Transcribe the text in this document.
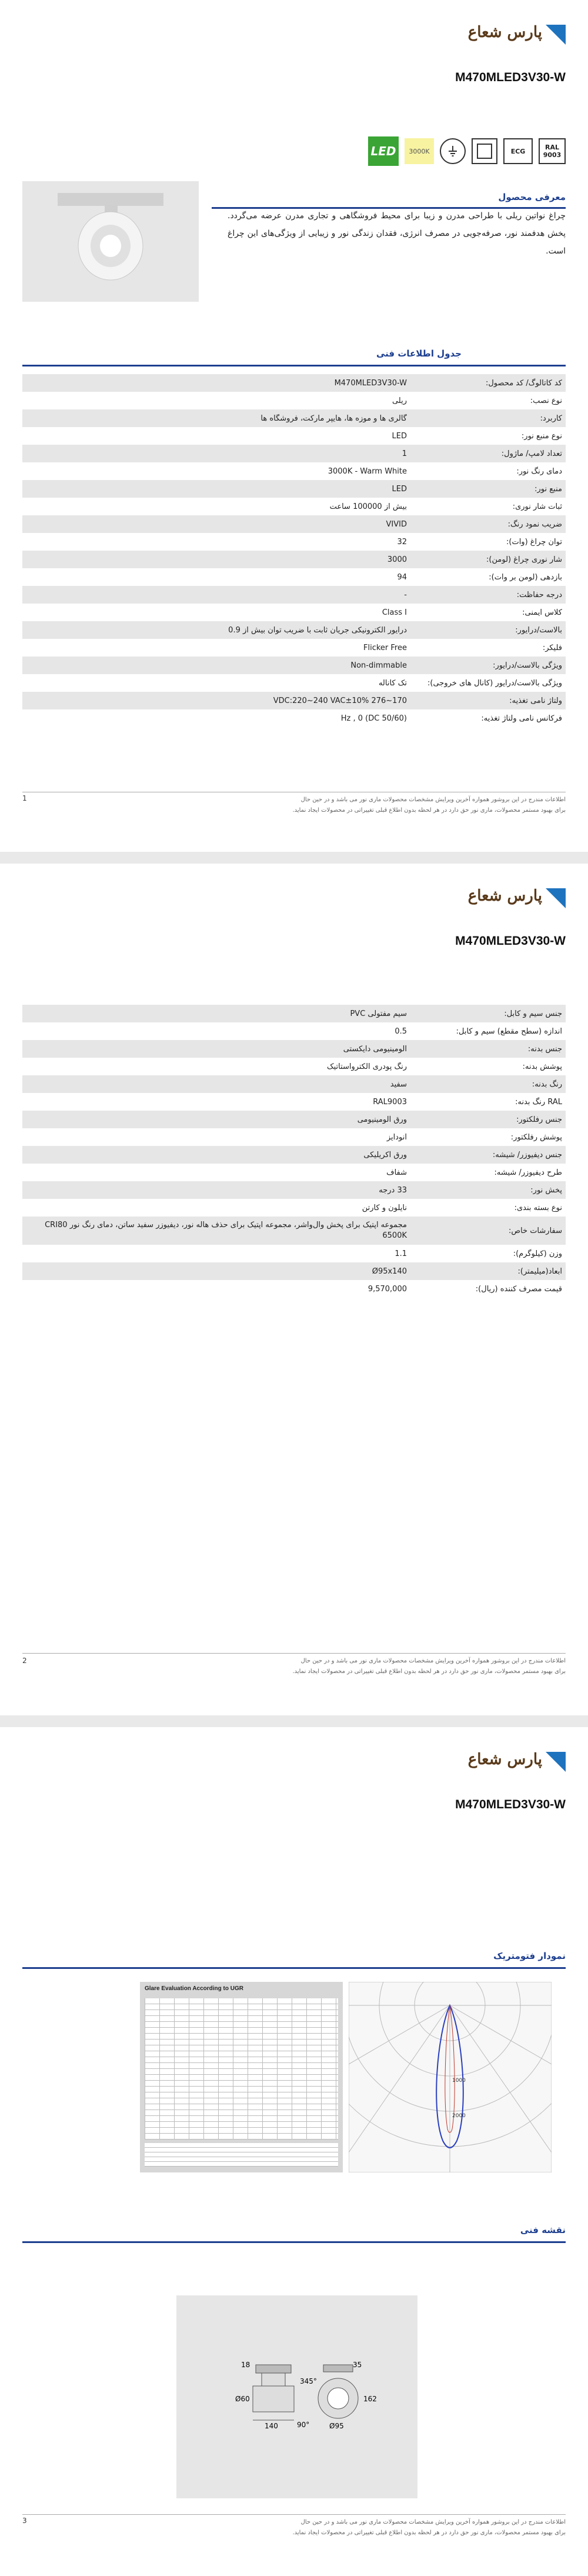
پارس شعاع
M470MLED3V30-W
LED	3000K	ECG	RAL
9003
معرفی محصول
چراغ نواتین ریلی با طراحی مدرن و زیبا برای محیط فروشگاهی و تجاری مدرن عرضه می‌گردد. پخش هدفمند نور، صرفه‌جویی در مصرف انرژی، فقدان زندگی نور و زیبایی از ویژگی‌های این چراغ است.
جدول اطلاعات فنی
کد کاتالوگ/ کد محصول:
M470MLED3V30-W
نوع نصب:
ریلی
کاربرد:
گالری ها و موزه ها، هایپر مارکت، فروشگاه ها
نوع منبع نور:
LED
تعداد لامپ/ ماژول:
1
دمای رنگ نور:
3000K - Warm White
منبع نور:
LED
ثبات شار نوری:
بیش از 100000 ساعت
ضریب نمود رنگ:
VIVID
توان چراغ (وات):
32
شار نوری چراغ (لومن):
3000
بازدهی (لومن بر وات):
94
درجه حفاظت:
-
کلاس ایمنی:
Class I
بالاست/درایور:
درایور الکترونیکی جریان ثابت با ضریب توان بیش از 0.9
فلیکر:
Flicker Free
ویژگی بالاست/درایور:
Non-dimmable
ویژگی بالاست/درایور (کانال های خروجی):
تک کاناله
ولتاژ نامی تغذیه:
VDC:220~240 VAC±10% 276~170
فرکانس نامی ولتاژ تغذیه:
Hz , 0 (DC 50/60)
اطلاعات مندرج در این بروشور همواره آخرین ویرایش مشخصات محصولات ماری نور می باشد و در حین حال
برای بهبود مستمر محصولات، ماری نور حق دارد در هر لحظه بدون اطلاع قبلی تغییراتی در محصولات ایجاد نماید.
1
پارس شعاع
M470MLED3V30-W
جنس سیم و کابل:
سیم مفتولی PVC
اندازه (سطح مقطع) سیم و کابل:
0.5
جنس بدنه:
آلومینیومی دایکستی
پوشش بدنه:
رنگ پودری الکترواستاتیک
رنگ بدنه:
سفید
RAL رنگ بدنه:
RAL9003
جنس رفلکتور:
ورق آلومینیومی
پوشش رفلکتور:
آنودایز
جنس دیفیوزر/ شیشه:
ورق آکریلیکی
طرح دیفیوزر/ شیشه:
شفاف
پخش نور:
33 درجه
نوع بسته بندی:
نایلون و کارتن
سفارشات خاص:
مجموعه اپتیک برای پخش وال‌واشر، مجموعه اپتیک برای حذف هاله نور، دیفیوزر سفید ساتن، دمای رنگ نور CRI80 6500K
وزن (کیلوگرم):
1.1
ابعاد(میلیمتر):
Ø95x140
قیمت مصرف کننده (ریال):
9,570,000
اطلاعات مندرج در این بروشور همواره آخرین ویرایش مشخصات محصولات ماری نور می باشد و در حین حال
برای بهبود مستمر محصولات، ماری نور حق دارد در هر لحظه بدون اطلاع قبلی تغییراتی در محصولات ایجاد نماید.
2
پارس شعاع
M470MLED3V30-W
نمودار فتومتریک
Glare Evaluation According to UGR
1000
2000
نقشه فنی
140
Ø60
18
90°
345°
35
162
Ø95
اطلاعات مندرج در این بروشور همواره آخرین ویرایش مشخصات محصولات ماری نور می باشد و در حین حال
برای بهبود مستمر محصولات، ماری نور حق دارد در هر لحظه بدون اطلاع قبلی تغییراتی در محصولات ایجاد نماید.
3
